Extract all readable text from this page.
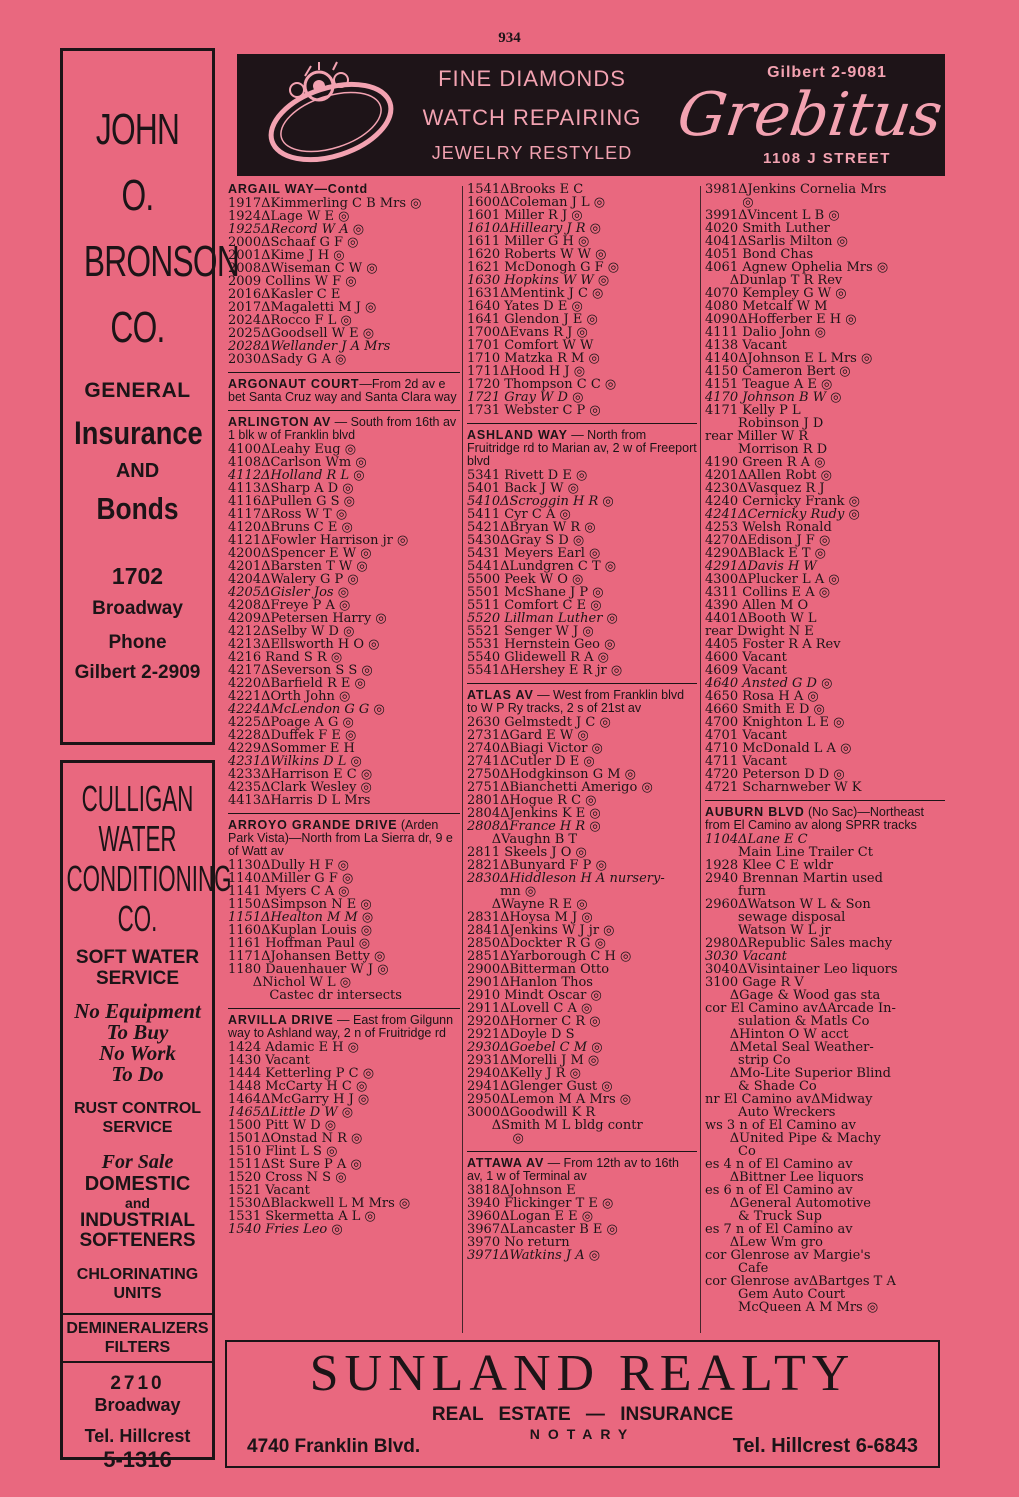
934
JOHN
O.
BRONSON
CO.
GENERAL
Insurance
AND
Bonds
1702
Broadway
Phone
Gilbert 2-2909
CULLIGAN
WATER
CONDITIONING
CO.
SOFT WATER
SERVICE
No Equipment
To Buy
No Work
To Do
RUST CONTROL
SERVICE
For Sale
DOMESTIC
and
INDUSTRIAL
SOFTENERS
CHLORINATING
UNITS
DEMINERALIZERS
FILTERS
2710
Broadway
Tel. Hillcrest
5-1316
FINE DIAMONDS
WATCH REPAIRING
JEWELRY RESTYLED
Gilbert 2-9081
Grebitus
1108 J STREET
ARGAIL WAY—Contd
1917ΔKimmerling C B Mrs ◎
1924ΔLage W E ◎
1925ΔRecord W A ◎
2000ΔSchaaf G F ◎
2001ΔKime J H ◎
2008ΔWiseman C W ◎
2009 Collins W F ◎
2016ΔKasler C E
2017ΔMagaletti M J ◎
2024ΔRocco F L ◎
2025ΔGoodsell W E ◎
2028ΔWellander J A Mrs
2030ΔSady G A ◎
ARGONAUT COURT—From 2d av e bet Santa Cruz way and Santa Clara way
ARLINGTON AV — South from 16th av 1 blk w of Franklin blvd
4100ΔLeahy Eug ◎
4108ΔCarlson Wm ◎
4112ΔHolland R L ◎
4113ΔSharp A D ◎
4116ΔPullen G S ◎
4117ΔRoss W T ◎
4120ΔBruns C E ◎
4121ΔFowler Harrison jr ◎
4200ΔSpencer E W ◎
4201ΔBarsten T W ◎
4204ΔWalery G P ◎
4205ΔGisler Jos ◎
4208ΔFreye P A ◎
4209ΔPetersen Harry ◎
4212ΔSelby W D ◎
4213ΔEllsworth H O ◎
4216 Rand S R ◎
4217ΔSeverson S S ◎
4220ΔBarfield R E ◎
4221ΔOrth John ◎
4224ΔMcLendon G G ◎
4225ΔPoage A G ◎
4228ΔDuffek F E ◎
4229ΔSommer E H
4231ΔWilkins D L ◎
4233ΔHarrison E C ◎
4235ΔClark Wesley ◎
4413ΔHarris D L Mrs
ARROYO GRANDE DRIVE (Arden Park Vista)—North from La Sierra dr, 9 e of Watt av
1130ΔDully H F ◎
1140ΔMiller G F ◎
1141 Myers C A ◎
1150ΔSimpson N E ◎
1151ΔHealton M M ◎
1160ΔKuplan Louis ◎
1161 Hoffman Paul ◎
1171ΔJohansen Betty ◎
1180 Dauenhauer W J ◎
ΔNichol W L ◎
Castec dr intersects
ARVILLA DRIVE — East from Gilgunn way to Ashland way, 2 n of Fruitridge rd
1424 Adamic E H ◎
1430 Vacant
1444 Ketterling P C ◎
1448 McCarty H C ◎
1464ΔMcGarry H J ◎
1465ΔLittle D W ◎
1500 Pitt W D ◎
1501ΔOnstad N R ◎
1510 Flint L S ◎
1511ΔSt Sure P A ◎
1520 Cross N S ◎
1521 Vacant
1530ΔBlackwell L M Mrs ◎
1531 Skermetta A L ◎
1540 Fries Leo ◎
1541ΔBrooks E C
1600ΔColeman J L ◎
1601 Miller R J ◎
1610ΔHilleary J R ◎
1611 Miller G H ◎
1620 Roberts W W ◎
1621 McDonogh G F ◎
1630 Hopkins W W ◎
1631ΔMentink J C ◎
1640 Yates D E ◎
1641 Glendon J E ◎
1700ΔEvans R J ◎
1701 Comfort W W
1710 Matzka R M ◎
1711ΔHood H J ◎
1720 Thompson C C ◎
1721 Gray W D ◎
1731 Webster C P ◎
ASHLAND WAY — North from Fruitridge rd to Marian av, 2 w of Freeport blvd
5341 Rivett D E ◎
5401 Back J W ◎
5410ΔScroggin H R ◎
5411 Cyr C A ◎
5421ΔBryan W R ◎
5430ΔGray S D ◎
5431 Meyers Earl ◎
5441ΔLundgren C T ◎
5500 Peek W O ◎
5501 McShane J P ◎
5511 Comfort C E ◎
5520 Lillman Luther ◎
5521 Senger W J ◎
5531 Hernstein Geo ◎
5540 Glidewell R A ◎
5541ΔHershey E R jr ◎
ATLAS AV — West from Franklin blvd to W P Ry tracks, 2 s of 21st av
2630 Gelmstedt J C ◎
2731ΔGard E W ◎
2740ΔBiagi Victor ◎
2741ΔCutler D E ◎
2750ΔHodgkinson G M ◎
2751ΔBianchetti Amerigo ◎
2801ΔHogue R C ◎
2804ΔJenkins K E ◎
2808ΔFrance H R ◎
ΔVaughn B T
2811 Skeels J O ◎
2821ΔBunyard F P ◎
2830ΔHiddleson H A nursery-
mn ◎
ΔWayne R E ◎
2831ΔHoysa M J ◎
2841ΔJenkins W J jr ◎
2850ΔDockter R G ◎
2851ΔYarborough C H ◎
2900ΔBitterman Otto
2901ΔHanlon Thos
2910 Mindt Oscar ◎
2911ΔLovell C A ◎
2920ΔHorner C R ◎
2921ΔDoyle D S
2930ΔGoebel C M ◎
2931ΔMorelli J M ◎
2940ΔKelly J R ◎
2941ΔGlenger Gust ◎
2950ΔLemon M A Mrs ◎
3000ΔGoodwill K R
ΔSmith M L bldg contr
◎
ATTAWA AV — From 12th av to 16th av, 1 w of Terminal av
3818ΔJohnson E
3940 Flickinger T E ◎
3960ΔLogan E E ◎
3967ΔLancaster B E ◎
3970 No return
3971ΔWatkins J A ◎
3981ΔJenkins Cornelia Mrs
◎
3991ΔVincent L B ◎
4020 Smith Luther
4041ΔSarlis Milton ◎
4051 Bond Chas
4061 Agnew Ophelia Mrs ◎
ΔDunlap T R Rev
4070 Kempley G W ◎
4080 Metcalf W M
4090ΔHofferber E H ◎
4111 Dalio John ◎
4138 Vacant
4140ΔJohnson E L Mrs ◎
4150 Cameron Bert ◎
4151 Teague A E ◎
4170 Johnson B W ◎
4171 Kelly P L
Robinson J D
rear Miller W R
Morrison R D
4190 Green R A ◎
4201ΔAllen Robt ◎
4230ΔVasquez R J
4240 Cernicky Frank ◎
4241ΔCernicky Rudy ◎
4253 Welsh Ronald
4270ΔEdison J F ◎
4290ΔBlack E T ◎
4291ΔDavis H W
4300ΔPlucker L A ◎
4311 Collins E A ◎
4390 Allen M O
4401ΔBooth W L
rear Dwight N E
4405 Foster R A Rev
4600 Vacant
4609 Vacant
4640 Ansted G D ◎
4650 Rosa H A ◎
4660 Smith E D ◎
4700 Knighton L E ◎
4701 Vacant
4710 McDonald L A ◎
4711 Vacant
4720 Peterson D D ◎
4721 Scharnweber W K
AUBURN BLVD (No Sac)—Northeast from El Camino av along SPRR tracks
1104ΔLane E C
Main Line Trailer Ct
1928 Klee C E wldr
2940 Brennan Martin used
furn
2960ΔWatson W L & Son
sewage disposal
Watson W L jr
2980ΔRepublic Sales machy
3030 Vacant
3040ΔVisintainer Leo liquors
3100 Gage R V
ΔGage & Wood gas sta
cor El Camino avΔArcade In-
sulation & Matls Co
ΔHinton O W acct
ΔMetal Seal Weather-
strip Co
ΔMo-Lite Superior Blind
& Shade Co
nr El Camino avΔMidway
Auto Wreckers
ws 3 n of El Camino av
ΔUnited Pipe & Machy
Co
es 4 n of El Camino av
ΔBittner Lee liquors
es 6 n of El Camino av
ΔGeneral Automotive
& Truck Sup
es 7 n of El Camino av
ΔLew Wm gro
cor Glenrose av Margie's
Cafe
cor Glenrose avΔBartges T A
Gem Auto Court
McQueen A M Mrs ◎
SUNLAND REALTY
REAL ESTATE — INSURANCE
NOTARY
4740 Franklin Blvd.	Tel. Hillcrest 6-6843
